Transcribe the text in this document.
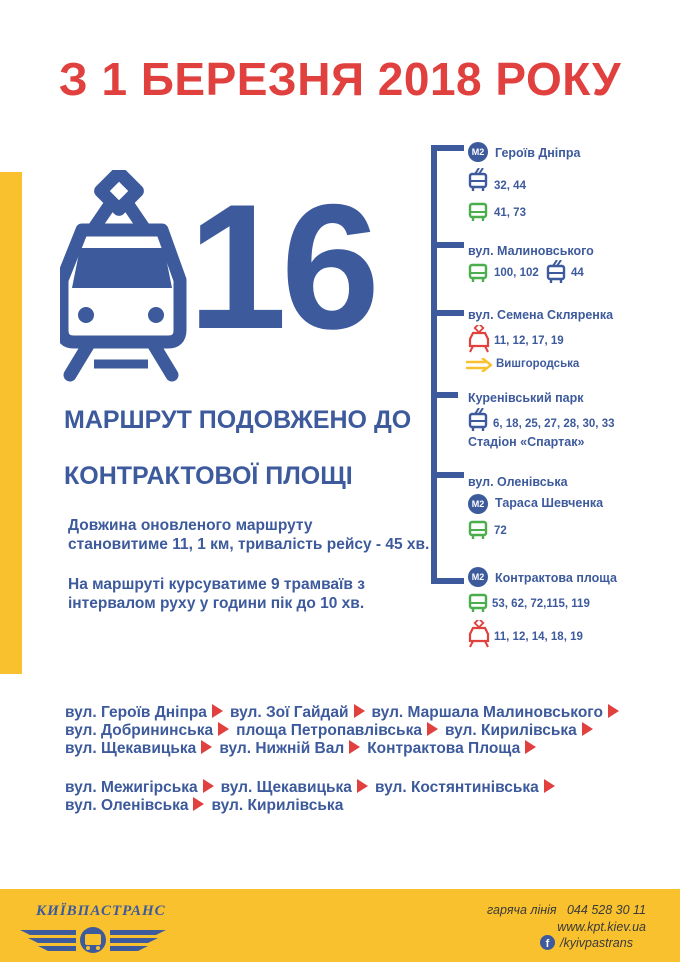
З 1 БЕРЕЗНЯ 2018 РОКУ
16
МАРШРУТ ПОДОВЖЕНО ДО
КОНТРАКТОВОЇ ПЛОЩІ
Довжина оновленого маршруту
становитиме 11, 1 км, тривалість рейсу - 45 хв.
На маршруті курсуватиме 9 трамваїв з
інтервалом руху у години пік до 10 хв.
M2 Героїв Дніпра
32, 44
41, 73
вул. Малиновського
100, 102	44
вул. Семена Скляренка
11, 12, 17, 19
Вишгородська
Куренівський парк
6, 18, 25, 27, 28, 30, 33
Стадіон «Спартак»
вул. Оленівська
M2 Тараса Шевченка
72
M2 Контрактова площа
53, 62, 72,115, 119
11, 12, 14, 18, 19
вул. Героїв Дніпра вул. Зої Гайдай вул. Маршала Малиновського
вул. Добрининська площа Петропавлівська вул. Кирилівська
вул. Щекавицька вул. Нижній Вал Контрактова Площа
вул. Межигірська вул. Щекавицька вул. Костянтинівська
вул. Оленівська вул. Кирилівська
КИЇВПАСТРАНС	гаряча лінія 044 528 30 11
www.kpt.kiev.ua
f /kyivpastrans
